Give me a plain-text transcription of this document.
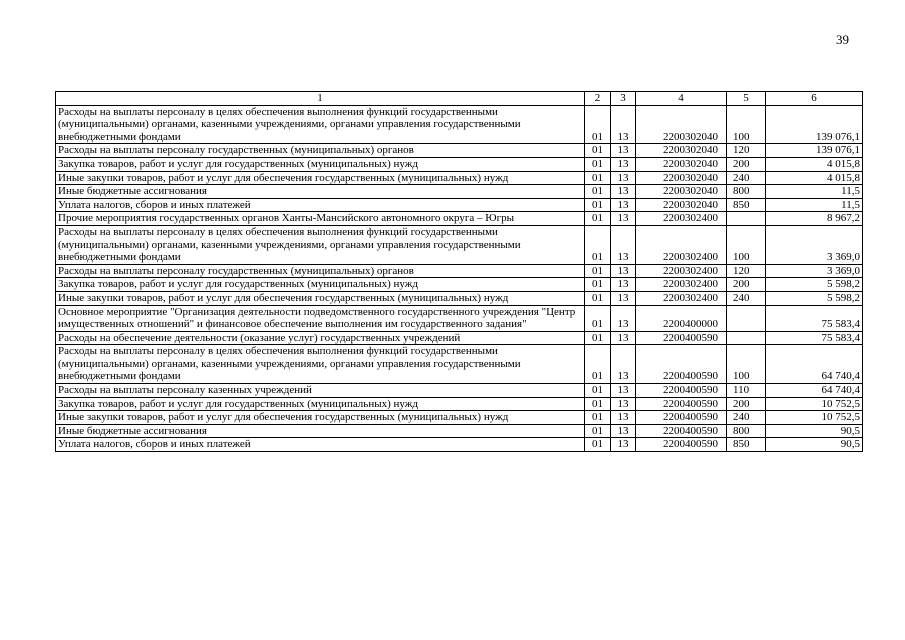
39
1	2	3	4	5	6
Расходы на выплаты персоналу в целях обеспечения выполнения функций государственными (муниципальными) органами, казенными учреждениями, органами управления государственными внебюджетными фондами	01	13	2200302040	100	139 076,1
Расходы на выплаты персоналу государственных (муниципальных) органов	01	13	2200302040	120	139 076,1
Закупка товаров, работ и услуг для государственных (муниципальных) нужд	01	13	2200302040	200	4 015,8
Иные закупки товаров, работ и услуг для обеспечения государственных (муниципальных) нужд	01	13	2200302040	240	4 015,8
Иные бюджетные ассигнования	01	13	2200302040	800	11,5
Уплата налогов, сборов и иных платежей	01	13	2200302040	850	11,5
Прочие мероприятия государственных органов Ханты-Мансийского автономного округа – Югры	01	13	2200302400		8 967,2
Расходы на выплаты персоналу в целях обеспечения выполнения функций государственными (муниципальными) органами, казенными учреждениями, органами управления государственными внебюджетными фондами	01	13	2200302400	100	3 369,0
Расходы на выплаты персоналу государственных (муниципальных) органов	01	13	2200302400	120	3 369,0
Закупка товаров, работ и услуг для государственных (муниципальных) нужд	01	13	2200302400	200	5 598,2
Иные закупки товаров, работ и услуг для обеспечения государственных (муниципальных) нужд	01	13	2200302400	240	5 598,2
Основное мероприятие "Организация деятельности подведомственного государственного учреждения "Центр имущественных отношений" и финансовое обеспечение выполнения им государственного задания"	01	13	2200400000		75 583,4
Расходы на обеспечение деятельности (оказание услуг) государственных учреждений	01	13	2200400590		75 583,4
Расходы на выплаты персоналу в целях обеспечения выполнения функций государственными (муниципальными) органами, казенными учреждениями, органами управления государственными внебюджетными фондами	01	13	2200400590	100	64 740,4
Расходы на выплаты персоналу казенных учреждений	01	13	2200400590	110	64 740,4
Закупка товаров, работ и услуг для государственных (муниципальных) нужд	01	13	2200400590	200	10 752,5
Иные закупки товаров, работ и услуг для обеспечения государственных (муниципальных) нужд	01	13	2200400590	240	10 752,5
Иные бюджетные ассигнования	01	13	2200400590	800	90,5
Уплата налогов, сборов и иных платежей	01	13	2200400590	850	90,5
